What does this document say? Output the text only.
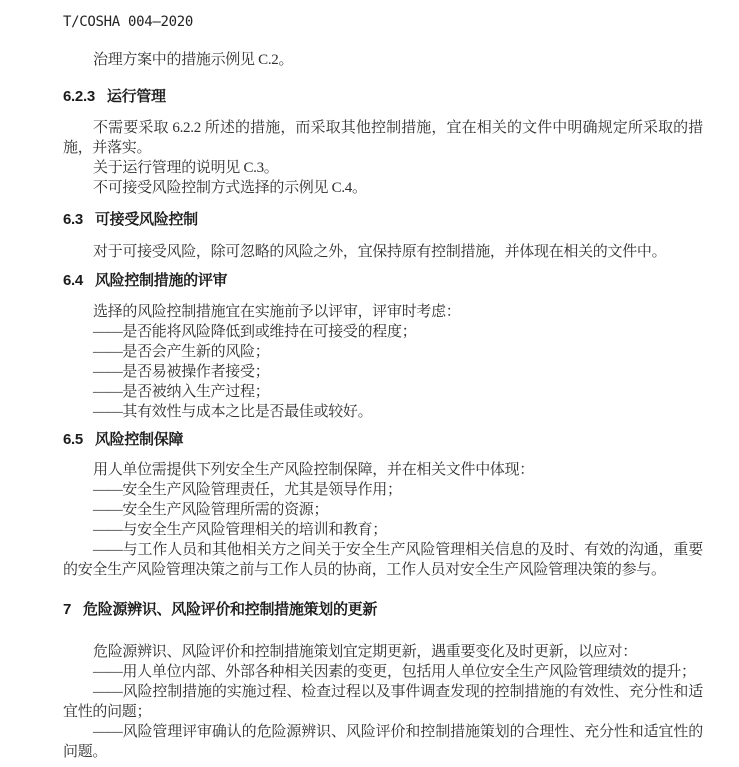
T/COSHA 004—2020

治理方案中的措施示例见 C.2。

6.2.3 运行管理

不需要采取 6.2.2 所述的措施，而采取其他控制措施，宜在相关的文件中明确规定所采取的措施，并落实。

关于运行管理的说明见 C.3。

不可接受风险控制方式选择的示例见 C.4。

6.3 可接受风险控制

对于可接受风险，除可忽略的风险之外，宜保持原有控制措施，并体现在相关的文件中。

6.4 风险控制措施的评审

选择的风险控制措施宜在实施前予以评审，评审时考虑：

——是否能将风险降低到或维持在可接受的程度；

——是否会产生新的风险；

——是否易被操作者接受；

——是否被纳入生产过程；

——其有效性与成本之比是否最佳或较好。

6.5 风险控制保障

用人单位需提供下列安全生产风险控制保障，并在相关文件中体现：

——安全生产风险管理责任，尤其是领导作用；

——安全生产风险管理所需的资源；

——与安全生产风险管理相关的培训和教育；

——与工作人员和其他相关方之间关于安全生产风险管理相关信息的及时、有效的沟通，重要的安全生产风险管理决策之前与工作人员的协商，工作人员对安全生产风险管理决策的参与。

7 危险源辨识、风险评价和控制措施策划的更新

危险源辨识、风险评价和控制措施策划宜定期更新，遇重要变化及时更新，以应对：

——用人单位内部、外部各种相关因素的变更，包括用人单位安全生产风险管理绩效的提升；

——风险控制措施的实施过程、检查过程以及事件调查发现的控制措施的有效性、充分性和适宜性的问题；

——风险管理评审确认的危险源辨识、风险评价和控制措施策划的合理性、充分性和适宜性的问题。
